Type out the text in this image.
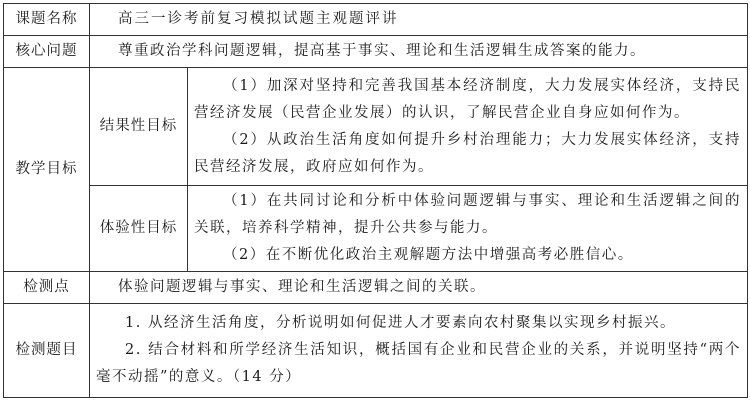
课题名称	高三一诊考前复习模拟试题主观题评讲	
核心问题	尊重政治学科问题逻辑，提高基于事实、理论和生活逻辑生成答案的能力。	
教学目标	结果性目标	（1）加深对坚持和完善我国基本经济制度，大力发展实体经济，支持民营经济发展（民营企业发展）的认识，了解民营企业自身应如何作为。

（2）从政治生活角度如何提升乡村治理能力；大力发展实体经济，支持民营经济发展，政府应如何作为。

	体验性目标	（1）在共同讨论和分析中体验问题逻辑与事实、理论和生活逻辑之间的关联，培养科学精神，提升公共参与能力。

（2）在不断优化政治主观解题方法中增强高考必胜信心。

检测点	体验问题逻辑与事实、理论和生活逻辑之间的关联。	
检测题目	1. 从经济生活角度，分析说明如何促进人才要素向农村聚集以实现乡村振兴。

2. 结合材料和所学经济生活知识，概括国有企业和民营企业的关系，并说明坚持“两个毫不动摇”的意义。（14 分）	
